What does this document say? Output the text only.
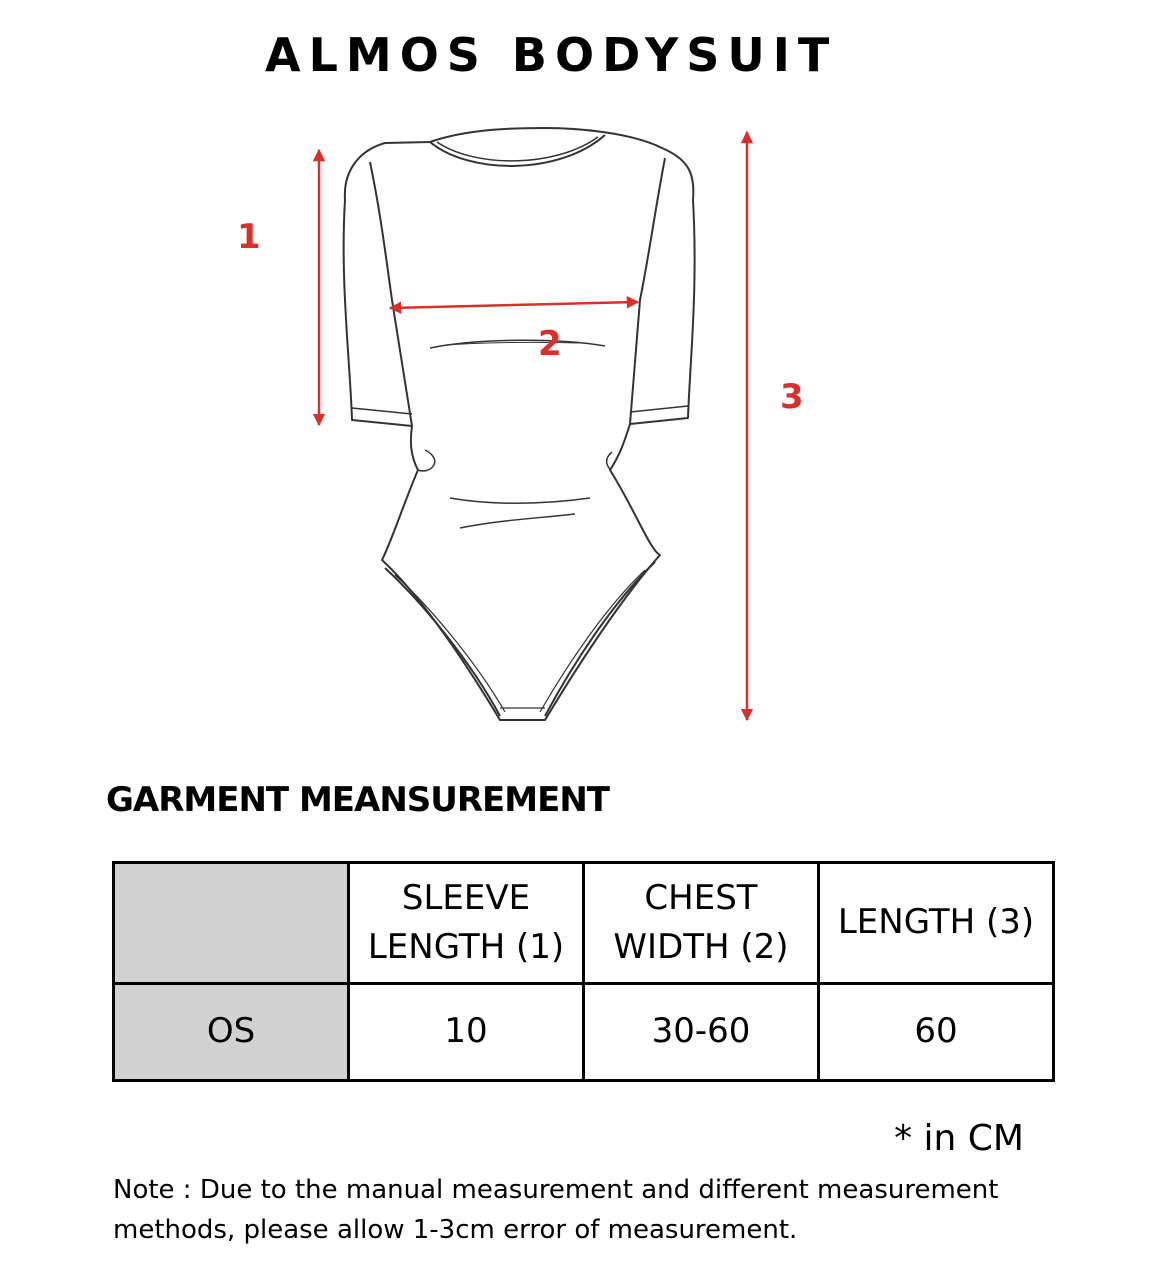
ALMOS BODYSUIT
1
2
3
GARMENT MEANSUREMENT
	SLEEVE LENGTH (1)	CHEST WIDTH (2)	LENGTH (3)
OS	10	30-60	60
* in CM
Note : Due to the manual measurement and different measurement methods, please allow 1-3cm error of measurement.
